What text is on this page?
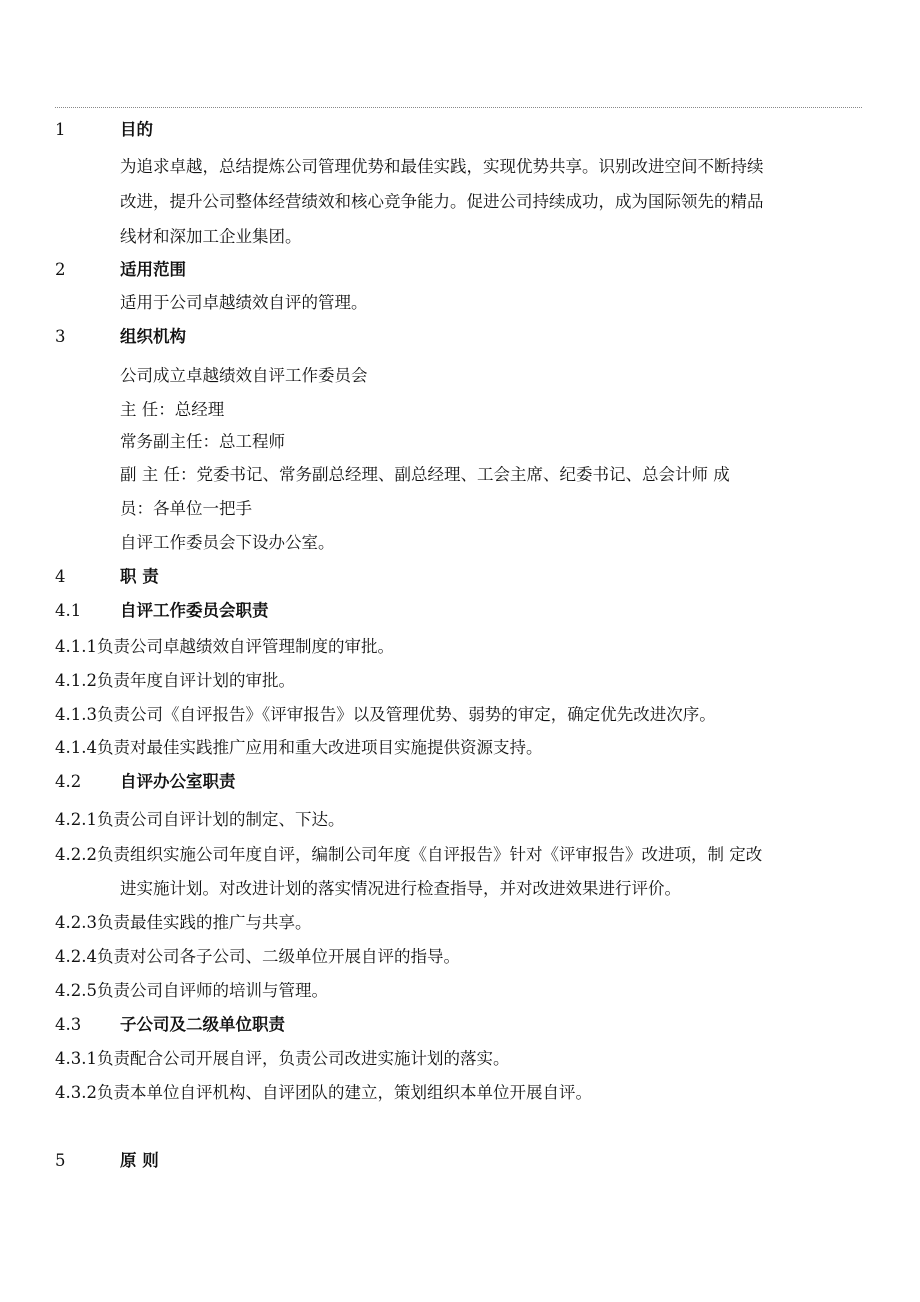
1	目的
为追求卓越，总结提炼公司管理优势和最佳实践，实现优势共享。识别改进空间不断持续
改进，提升公司整体经营绩效和核心竞争能力。促进公司持续成功，成为国际领先的精品
线材和深加工企业集团。
2	适用范围
适用于公司卓越绩效自评的管理。
3	组织机构
公司成立卓越绩效自评工作委员会
主 任：总经理
常务副主任：总工程师
副 主 任：党委书记、常务副总经理、副总经理、工会主席、纪委书记、总会计师 成
员：各单位一把手
自评工作委员会下设办公室。
4	职 责
4.1 自评工作委员会职责
4.1.1负责公司卓越绩效自评管理制度的审批。
4.1.2负责年度自评计划的审批。
4.1.3负责公司《自评报告》《评审报告》以及管理优势、弱势的审定，确定优先改进次序。
4.1.4负责对最佳实践推广应用和重大改进项目实施提供资源支持。
4.2 自评办公室职责
4.2.1负责公司自评计划的制定、下达。
4.2.2负责组织实施公司年度自评，编制公司年度《自评报告》针对《评审报告》改进项，制 定改
进实施计划。对改进计划的落实情况进行检查指导，并对改进效果进行评价。
4.2.3负责最佳实践的推广与共享。
4.2.4负责对公司各子公司、二级单位开展自评的指导。
4.2.5负责公司自评师的培训与管理。
4.3 子公司及二级单位职责
4.3.1负责配合公司开展自评，负责公司改进实施计划的落实。
4.3.2负责本单位自评机构、自评团队的建立，策划组织本单位开展自评。
5	原 则
